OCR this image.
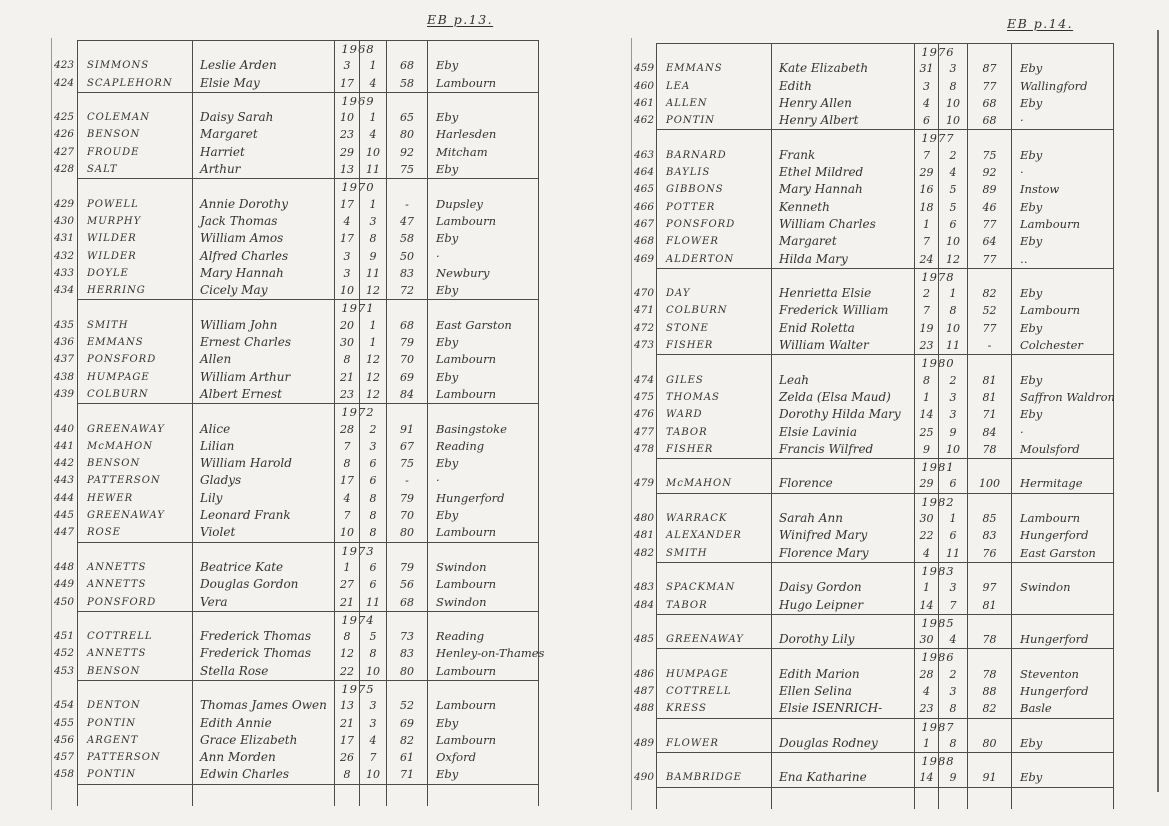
EB p.13.
1968
423	SIMMONS	Leslie Arden	3	1	68	Eby
424	SCAPLEHORN	Elsie May	17	4	58	Lambourn
1969
425	COLEMAN	Daisy Sarah	10	1	65	Eby
426	BENSON	Margaret	23	4	80	Harlesden
427	FROUDE	Harriet	29	10	92	Mitcham
428	SALT	Arthur	13	11	75	Eby
1970
429	POWELL	Annie Dorothy	17	1	-	Dupsley
430	MURPHY	Jack Thomas	4	3	47	Lambourn
431	WILDER	William Amos	17	8	58	Eby
432	WILDER	Alfred Charles	3	9	50	·
433	DOYLE	Mary Hannah	3	11	83	Newbury
434	HERRING	Cicely May	10	12	72	Eby
1971
435	SMITH	William John	20	1	68	East Garston
436	EMMANS	Ernest Charles	30	1	79	Eby
437	PONSFORD	Allen	8	12	70	Lambourn
438	HUMPAGE	William Arthur	21	12	69	Eby
439	COLBURN	Albert Ernest	23	12	84	Lambourn
1972
440	GREENAWAY	Alice	28	2	91	Basingstoke
441	McMAHON	Lilian	7	3	67	Reading
442	BENSON	William Harold	8	6	75	Eby
443	PATTERSON	Gladys	17	6	-	·
444	HEWER	Lily	4	8	79	Hungerford
445	GREENAWAY	Leonard Frank	7	8	70	Eby
447	ROSE	Violet	10	8	80	Lambourn
1973
448	ANNETTS	Beatrice Kate	1	6	79	Swindon
449	ANNETTS	Douglas Gordon	27	6	56	Lambourn
450	PONSFORD	Vera	21	11	68	Swindon
1974
451	COTTRELL	Frederick Thomas	8	5	73	Reading
452	ANNETTS	Frederick Thomas	12	8	83	Henley-on-Thames
453	BENSON	Stella Rose	22	10	80	Lambourn
1975
454	DENTON	Thomas James Owen	13	3	52	Lambourn
455	PONTIN	Edith Annie	21	3	69	Eby
456	ARGENT	Grace Elizabeth	17	4	82	Lambourn
457	PATTERSON	Ann Morden	26	7	61	Oxford
458	PONTIN	Edwin Charles	8	10	71	Eby
EB p.14.
1976
459	EMMANS	Kate Elizabeth	31	3	87	Eby
460	LEA	Edith	3	8	77	Wallingford
461	ALLEN	Henry Allen	4	10	68	Eby
462	PONTIN	Henry Albert	6	10	68	·
1977
463	BARNARD	Frank	7	2	75	Eby
464	BAYLIS	Ethel Mildred	29	4	92	·
465	GIBBONS	Mary Hannah	16	5	89	Instow
466	POTTER	Kenneth	18	5	46	Eby
467	PONSFORD	William Charles	1	6	77	Lambourn
468	FLOWER	Margaret	7	10	64	Eby
469	ALDERTON	Hilda Mary	24	12	77	‥
1978
470	DAY	Henrietta Elsie	2	1	82	Eby
471	COLBURN	Frederick William	7	8	52	Lambourn
472	STONE	Enid Roletta	19	10	77	Eby
473	FISHER	William Walter	23	11	-	Colchester
1980
474	GILES	Leah	8	2	81	Eby
475	THOMAS	Zelda (Elsa Maud)	1	3	81	Saffron Waldron
476	WARD	Dorothy Hilda Mary	14	3	71	Eby
477	TABOR	Elsie Lavinia	25	9	84	·
478	FISHER	Francis Wilfred	9	10	78	Moulsford
1981
479	McMAHON	Florence	29	6	100	Hermitage
1982
480	WARRACK	Sarah Ann	30	1	85	Lambourn
481	ALEXANDER	Winifred Mary	22	6	83	Hungerford
482	SMITH	Florence Mary	4	11	76	East Garston
1983
483	SPACKMAN	Daisy Gordon	1	3	97	Swindon
484	TABOR	Hugo Leipner	14	7	81
1985
485	GREENAWAY	Dorothy Lily	30	4	78	Hungerford
1986
486	HUMPAGE	Edith Marion	28	2	78	Steventon
487	COTTRELL	Ellen Selina	4	3	88	Hungerford
488	KRESS	Elsie ISENRICH-	23	8	82	Basle
1987
489	FLOWER	Douglas Rodney	1	8	80	Eby
1988
490	BAMBRIDGE	Ena Katharine	14	9	91	Eby
